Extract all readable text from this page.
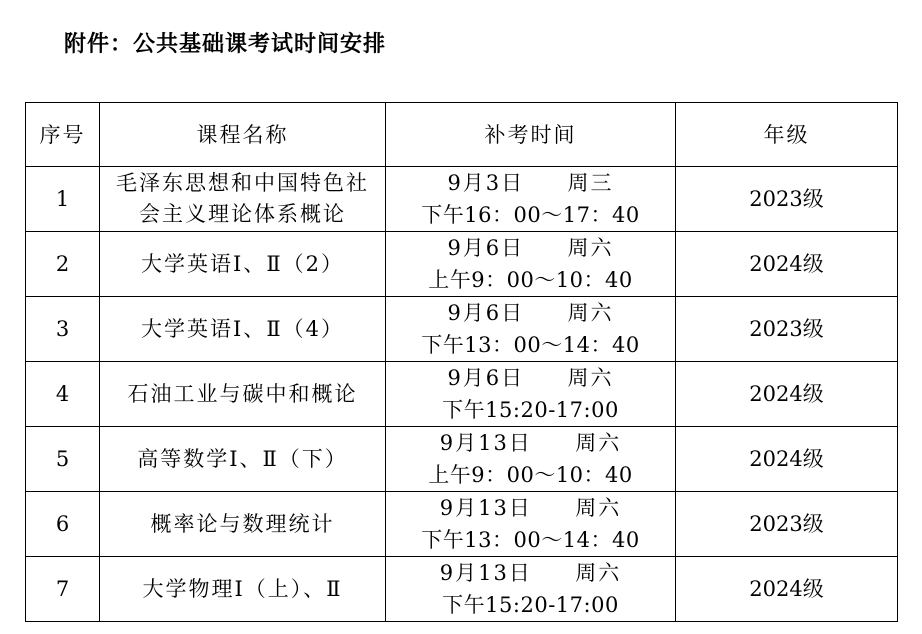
附件：公共基础课考试时间安排
序号	课程名称	补考时间	年级
1	毛泽东思想和中国特色社会主义理论体系概论	9月3日     周三
下午16：00～17：40	2023级
2	大学英语Ⅰ、Ⅱ（2）	9月6日     周六
上午9：00～10：40	2024级
3	大学英语Ⅰ、Ⅱ（4）	9月6日     周六
下午13：00～14：40	2023级
4	石油工业与碳中和概论	9月6日     周六
下午15:20-17:00	2024级
5	高等数学Ⅰ、Ⅱ（下）	9月13日     周六
上午9：00～10：40	2024级
6	概率论与数理统计	9月13日     周六
下午13：00～14：40	2023级
7	大学物理Ⅰ（上）、Ⅱ	9月13日     周六
下午15:20-17:00	2024级
